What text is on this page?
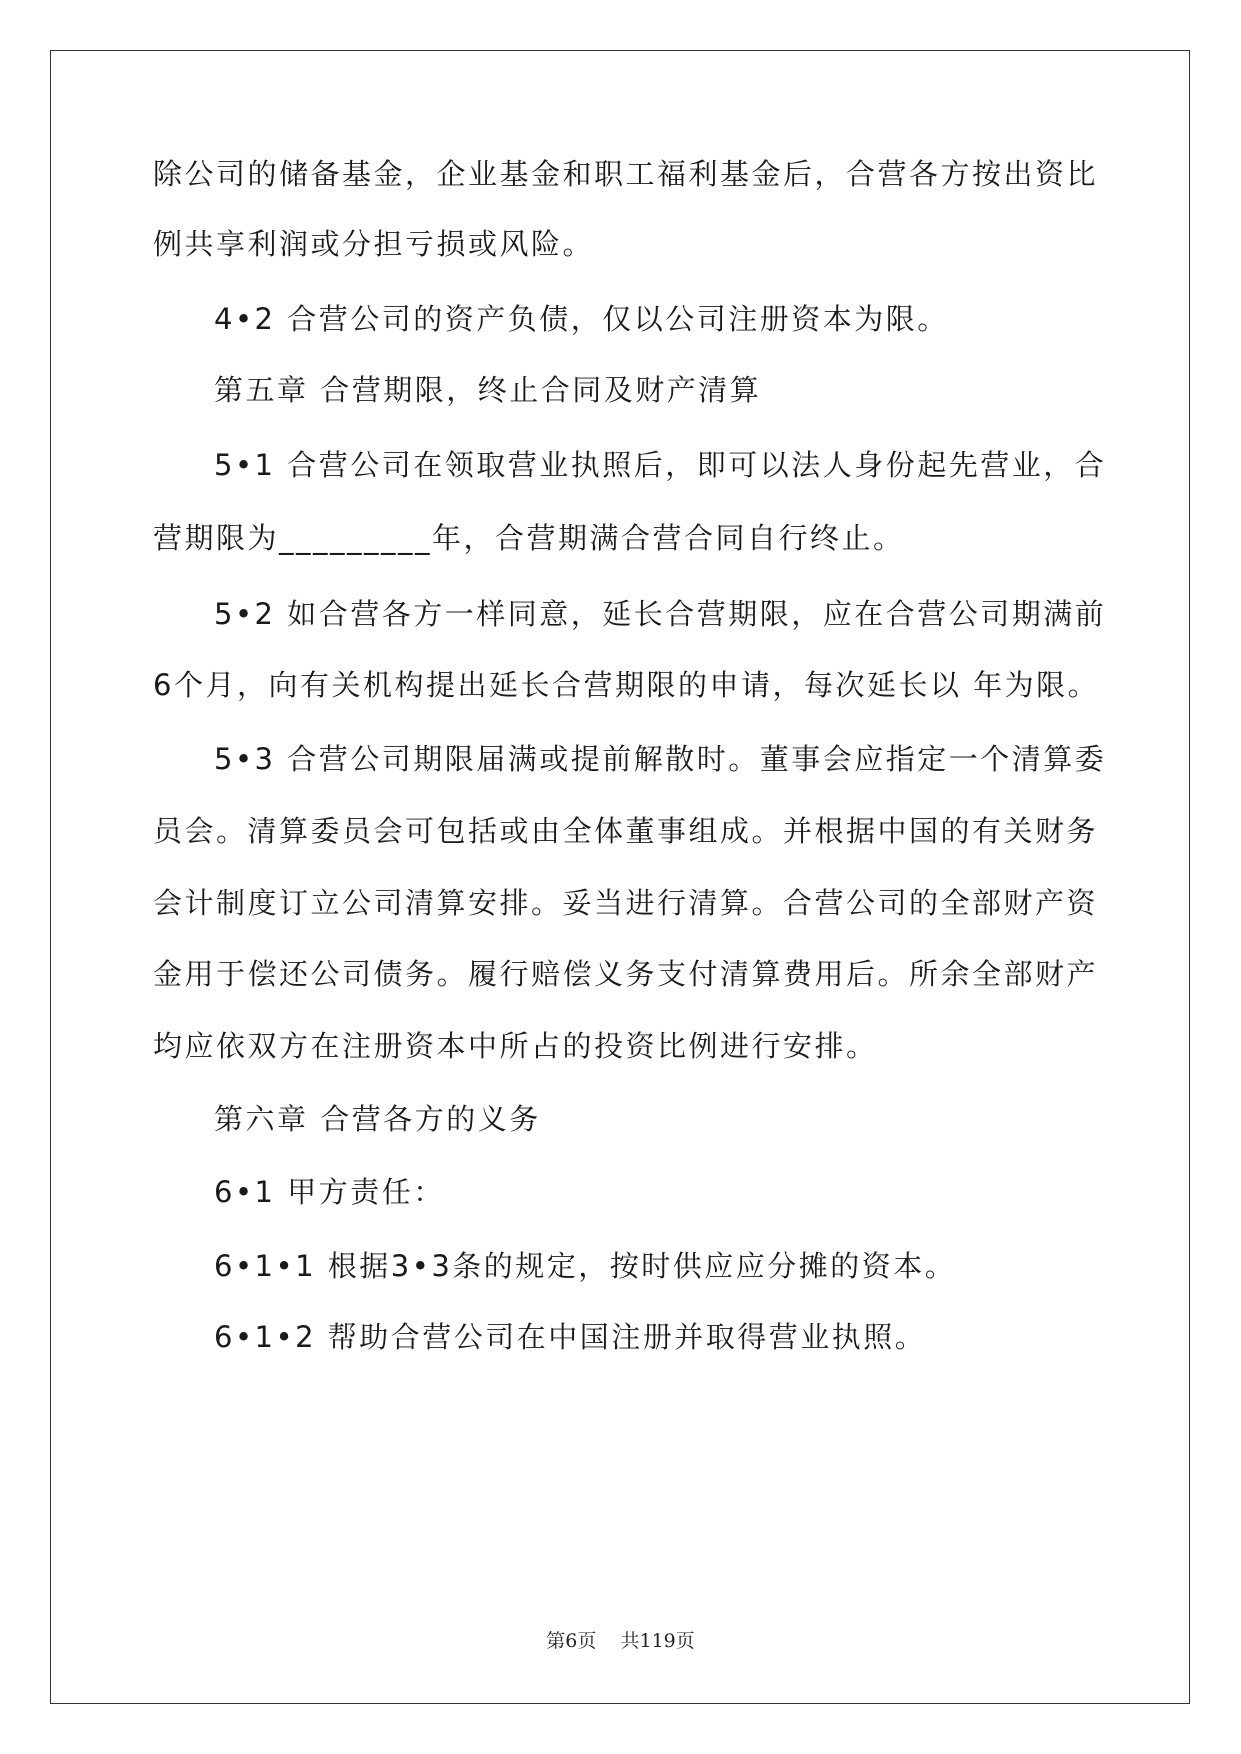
除公司的储备基金，企业基金和职工福利基金后，合营各方按出资比
例共享利润或分担亏损或风险。
4•2 合营公司的资产负债，仅以公司注册资本为限。
第五章 合营期限，终止合同及财产清算
5•1 合营公司在领取营业执照后，即可以法人身份起先营业，合
营期限为_________年，合营期满合营合同自行终止。
5•2 如合营各方一样同意，延长合营期限，应在合营公司期满前
6个月，向有关机构提出延长合营期限的申请，每次延长以 年为限。
5•3 合营公司期限届满或提前解散时。董事会应指定一个清算委
员会。清算委员会可包括或由全体董事组成。并根据中国的有关财务
会计制度订立公司清算安排。妥当进行清算。合营公司的全部财产资
金用于偿还公司债务。履行赔偿义务支付清算费用后。所余全部财产
均应依双方在注册资本中所占的投资比例进行安排。
第六章 合营各方的义务
6•1 甲方责任：
6•1•1 根据3•3条的规定，按时供应应分摊的资本。
6•1•2 帮助合营公司在中国注册并取得营业执照。
第6页 共119页
